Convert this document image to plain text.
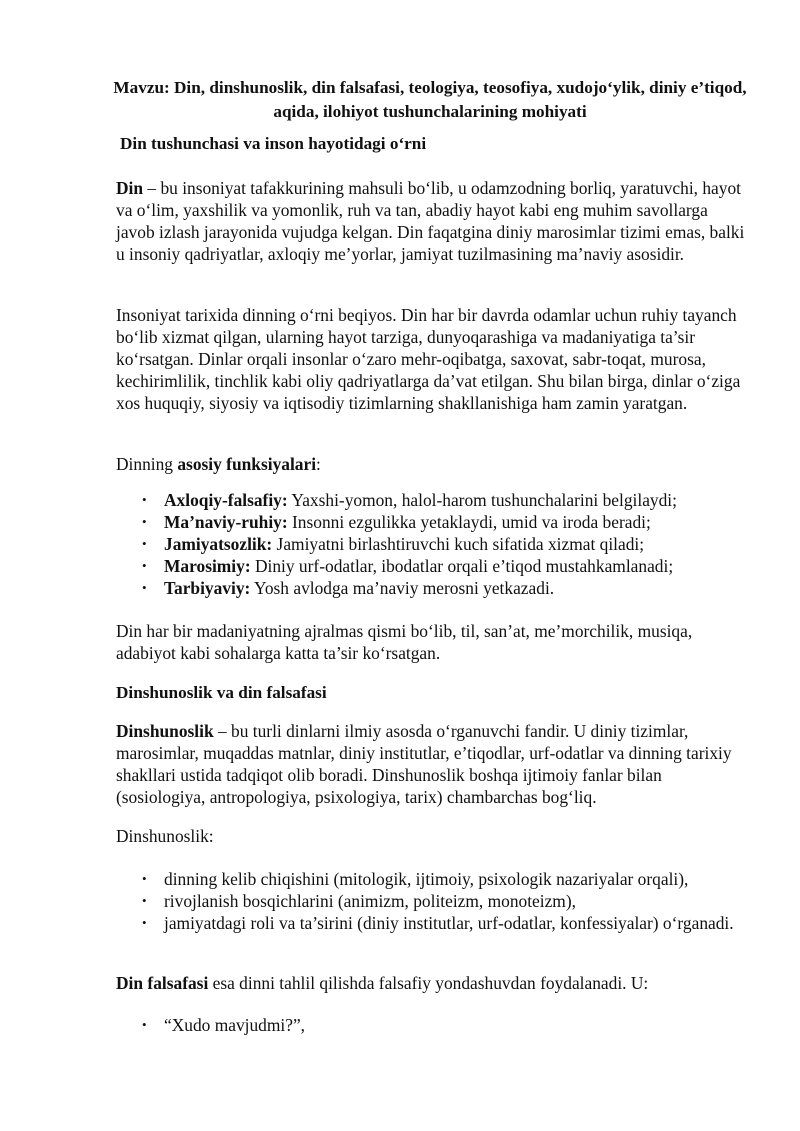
Mavzu: Din, dinshunoslik, din falsafasi, teologiya, teosofiya, xudojo‘ylik, diniy e’tiqod, aqida, ilohiyot tushunchalarining mohiyati
Din tushunchasi va inson hayotidagi o‘rni
Din – bu insoniyat tafakkurining mahsuli bo‘lib, u odamzodning borliq, yaratuvchi, hayot va o‘lim, yaxshilik va yomonlik, ruh va tan, abadiy hayot kabi eng muhim savollarga javob izlash jarayonida vujudga kelgan. Din faqatgina diniy marosimlar tizimi emas, balki u insoniy qadriyatlar, axloqiy me’yorlar, jamiyat tuzilmasining ma’naviy asosidir.
Insoniyat tarixida dinning o‘rni beqiyos. Din har bir davrda odamlar uchun ruhiy tayanch bo‘lib xizmat qilgan, ularning hayot tarziga, dunyoqarashiga va madaniyatiga ta’sir ko‘rsatgan. Dinlar orqali insonlar o‘zaro mehr-oqibatga, saxovat, sabr-toqat, murosa, kechirimlilik, tinchlik kabi oliy qadriyatlarga da’vat etilgan. Shu bilan birga, dinlar o‘ziga xos huquqiy, siyosiy va iqtisodiy tizimlarning shakllanishiga ham zamin yaratgan.
Dinning asosiy funksiyalari:
• Axloqiy-falsafiy: Yaxshi-yomon, halol-harom tushunchalarini belgilaydi;
• Ma’naviy-ruhiy: Insonni ezgulikka yetaklaydi, umid va iroda beradi;
• Jamiyatsozlik: Jamiyatni birlashtiruvchi kuch sifatida xizmat qiladi;
• Marosimiy: Diniy urf-odatlar, ibodatlar orqali e’tiqod mustahkamlanadi;
• Tarbiyaviy: Yosh avlodga ma’naviy merosni yetkazadi.
Din har bir madaniyatning ajralmas qismi bo‘lib, til, san’at, me’morchilik, musiqa, adabiyot kabi sohalarga katta ta’sir ko‘rsatgan.
Dinshunoslik va din falsafasi
Dinshunoslik – bu turli dinlarni ilmiy asosda o‘rganuvchi fandir. U diniy tizimlar, marosimlar, muqaddas matnlar, diniy institutlar, e’tiqodlar, urf-odatlar va dinning tarixiy shakllari ustida tadqiqot olib boradi. Dinshunoslik boshqa ijtimoiy fanlar bilan (sosiologiya, antropologiya, psixologiya, tarix) chambarchas bog‘liq.
Dinshunoslik:
• dinning kelib chiqishini (mitologik, ijtimoiy, psixologik nazariyalar orqali),
• rivojlanish bosqichlarini (animizm, politeizm, monoteizm),
• jamiyatdagi roli va ta’sirini (diniy institutlar, urf-odatlar, konfessiyalar) o‘rganadi.
Din falsafasi esa dinni tahlil qilishda falsafiy yondashuvdan foydalanadi. U:
• “Xudo mavjudmi?”,
